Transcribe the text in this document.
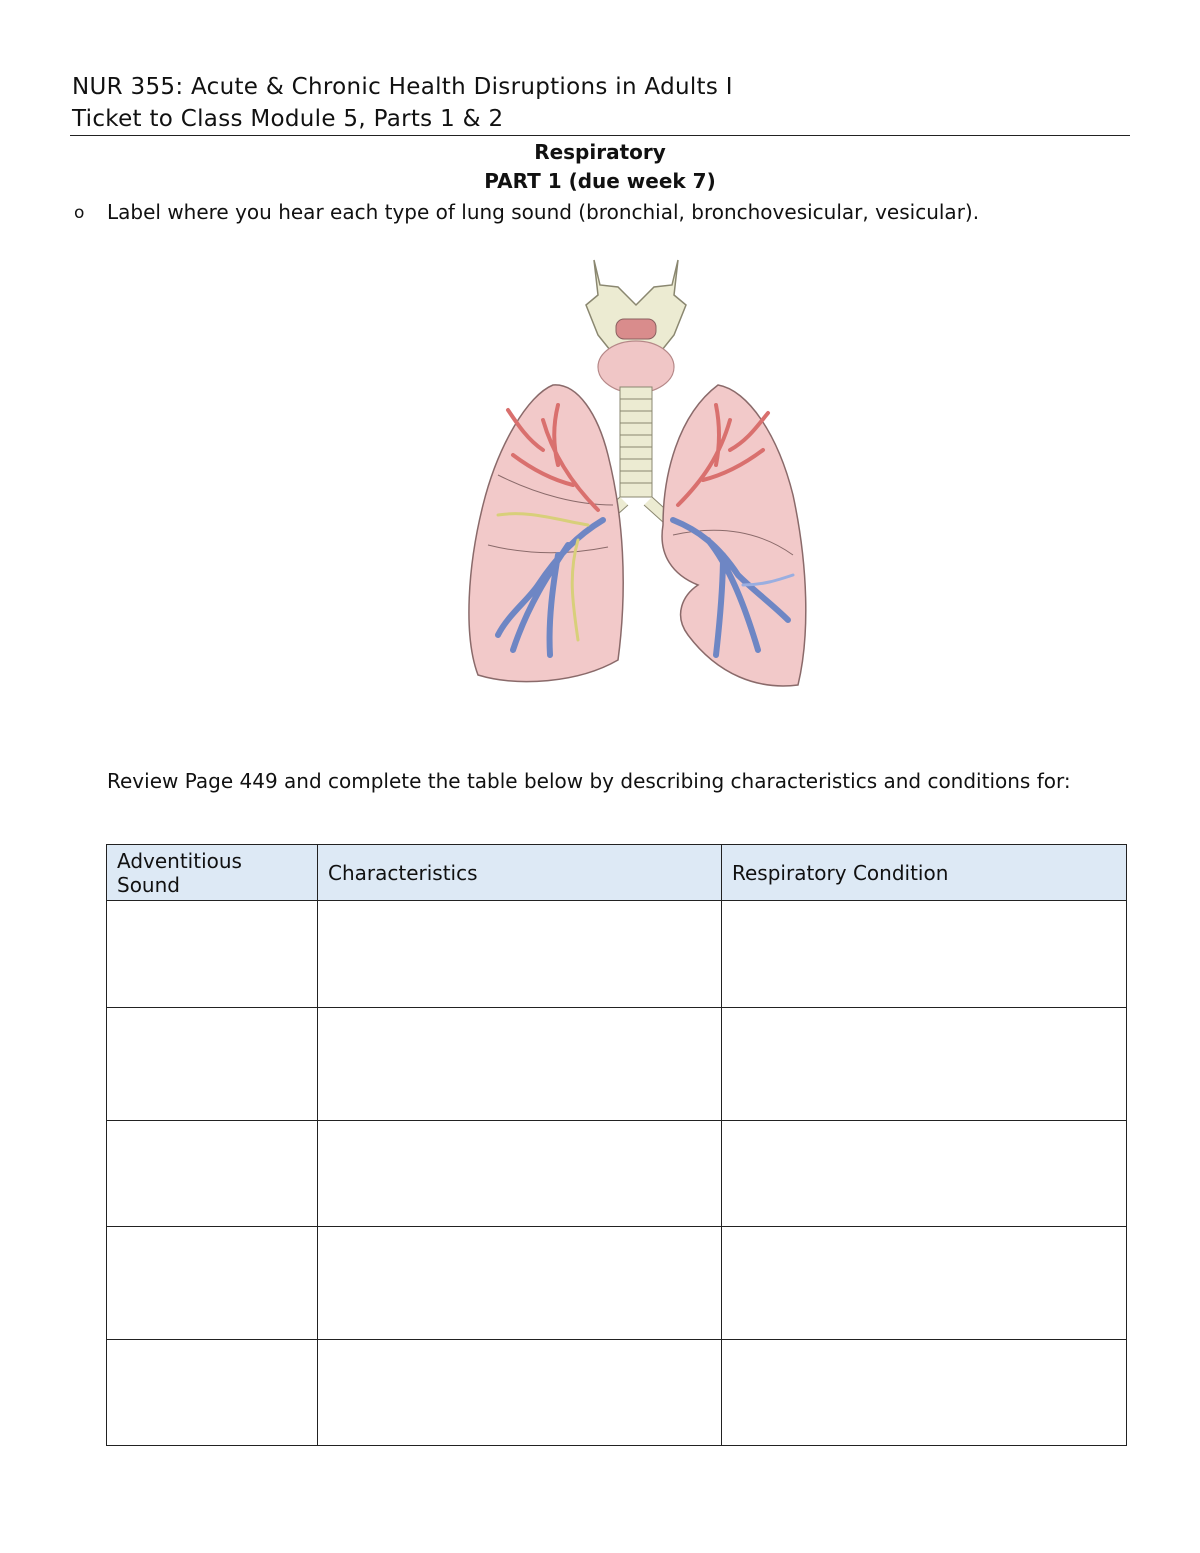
NUR 355: Acute & Chronic Health Disruptions in Adults I
Ticket to Class Module 5, Parts 1 & 2
Respiratory
PART 1 (due week 7)
o Label where you hear each type of lung sound (bronchial, bronchovesicular, vesicular).
Review Page 449 and complete the table below by describing characteristics and conditions for:
Adventitious Sound	Characteristics	Respiratory Condition
